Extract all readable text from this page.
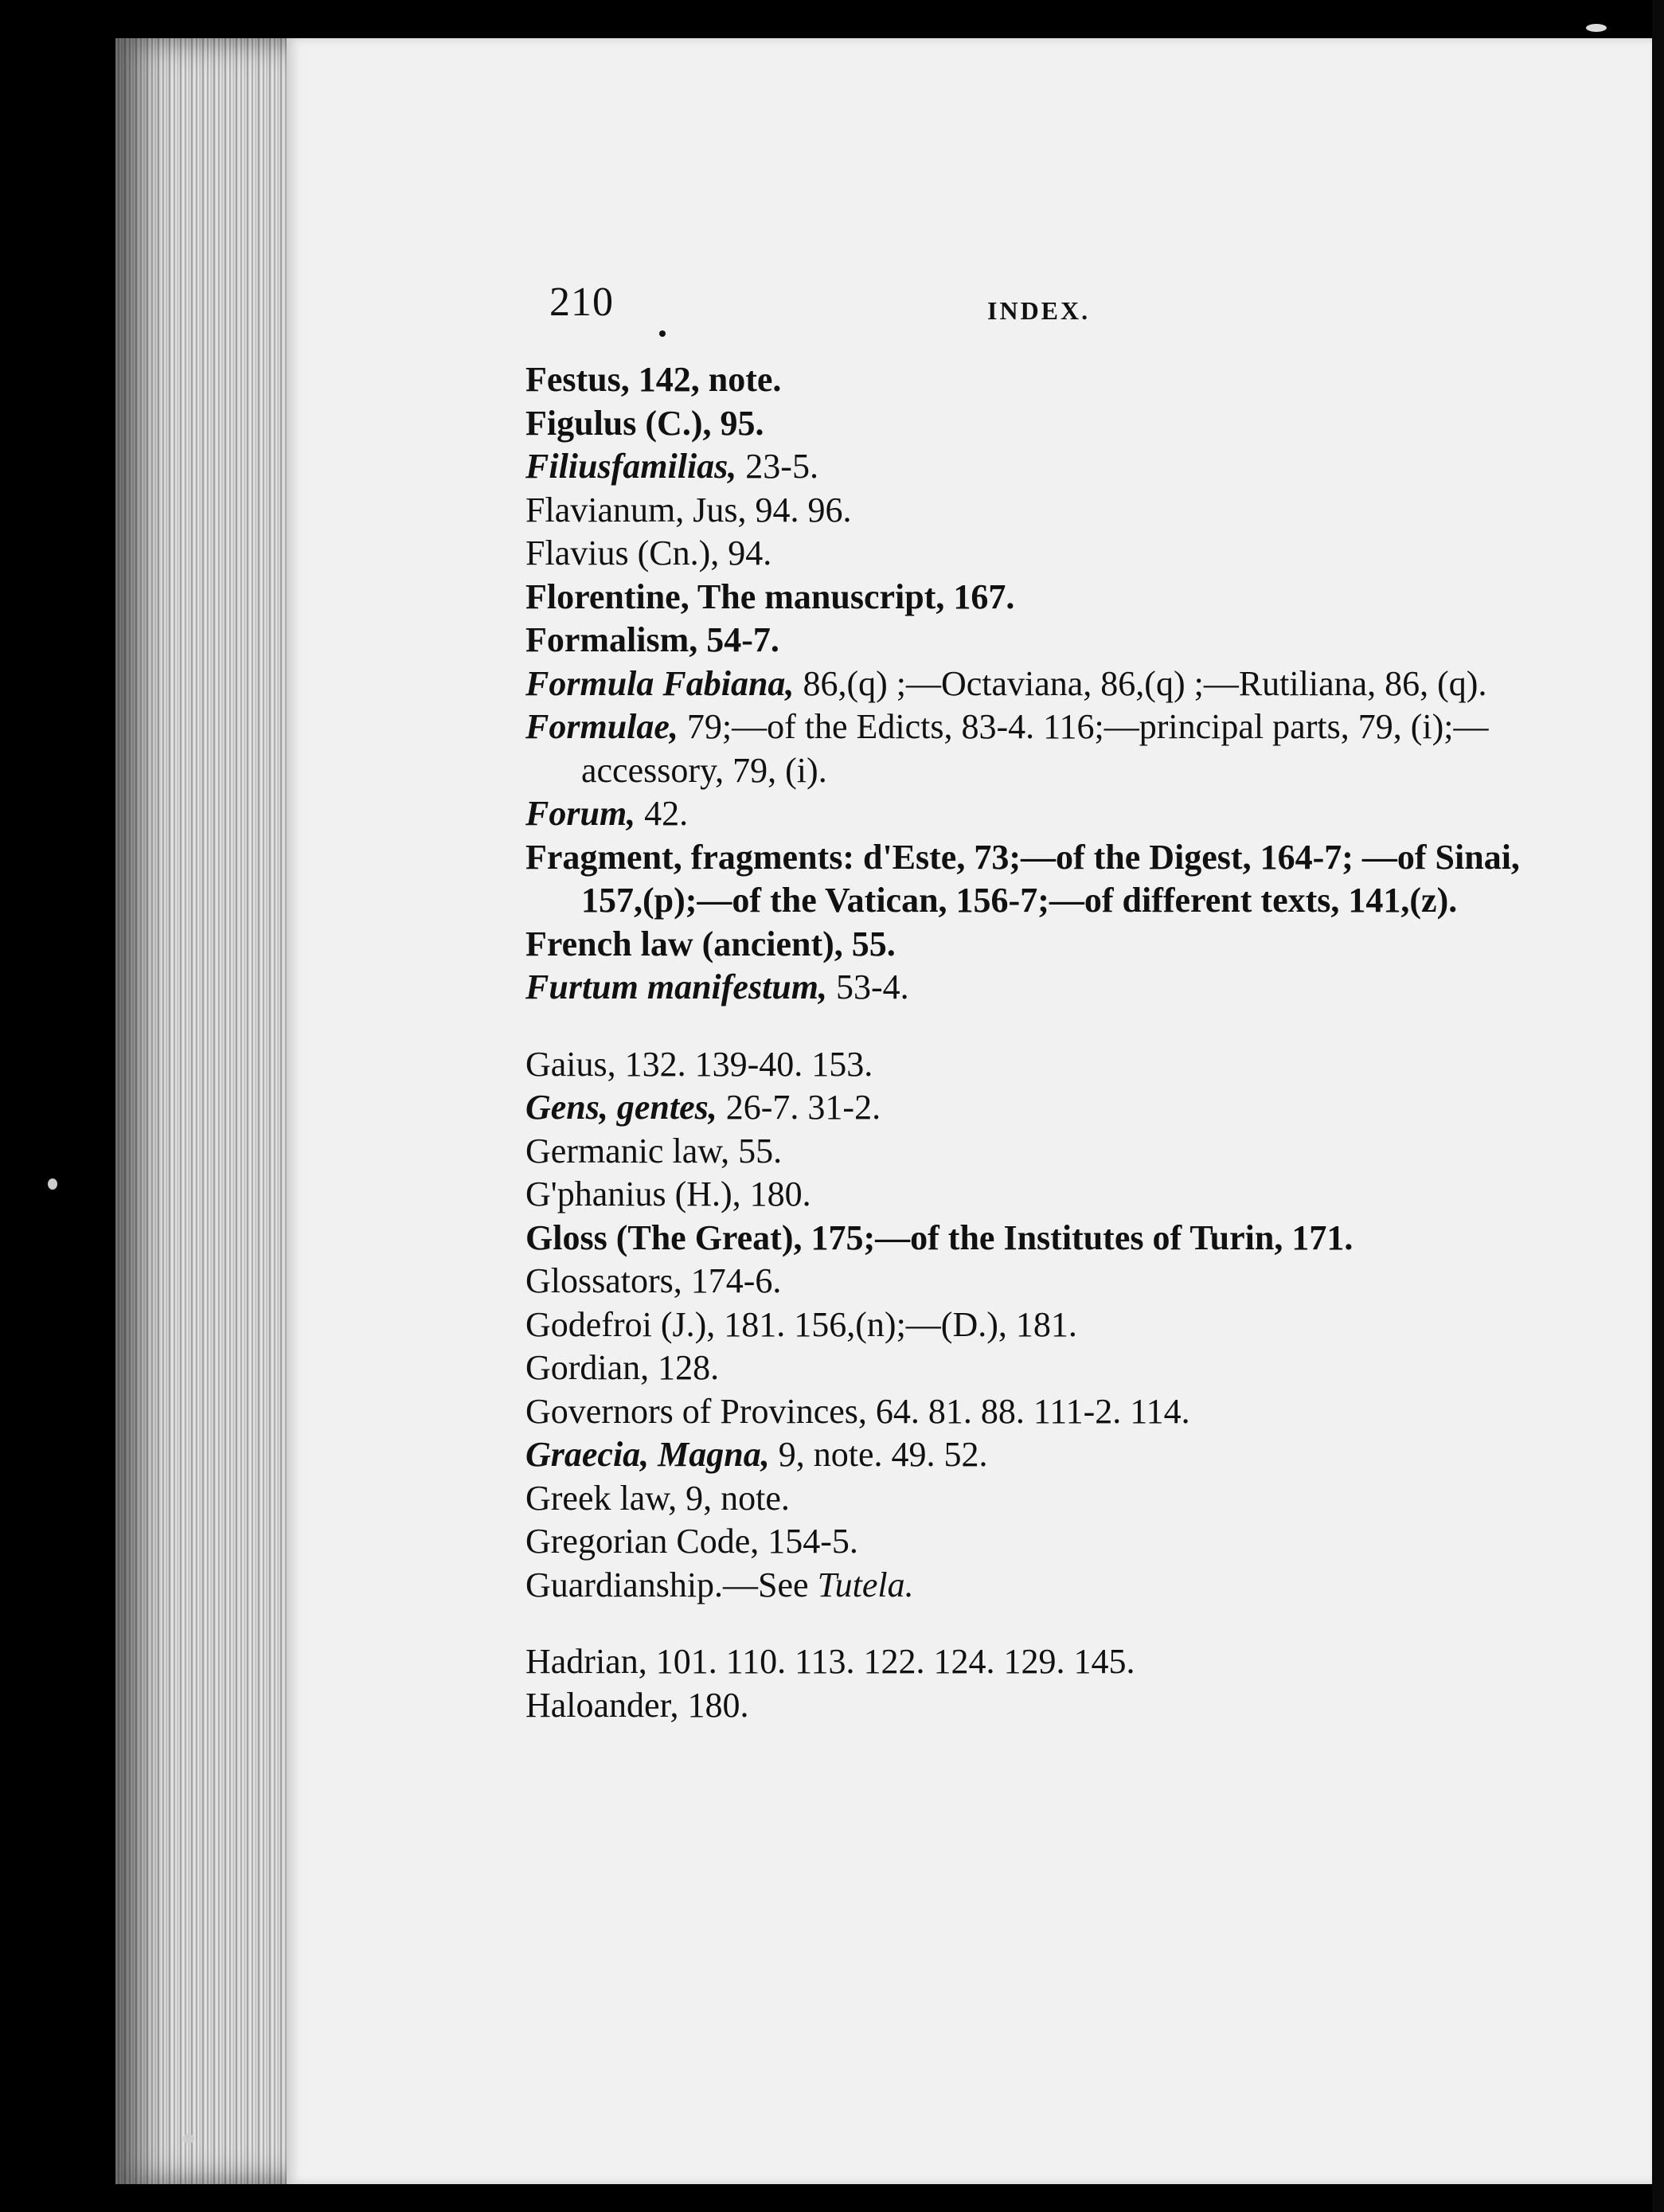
210	INDEX.
Festus, 142, note.
Figulus (C.), 95.
Filiusfamilias, 23-5.
Flavianum, Jus, 94. 96.
Flavius (Cn.), 94.
Florentine, The manuscript, 167.
Formalism, 54-7.
Formula Fabiana, 86,(q) ;—Octaviana, 86,(q) ;—Rutiliana, 86, (q).
Formulae, 79;—of the Edicts, 83-4. 116;—principal parts, 79, (i);—accessory, 79, (i).
Forum, 42.
Fragment, fragments: d'Este, 73;—of the Digest, 164-7; —of Sinai, 157,(p);—of the Vatican, 156-7;—of different texts, 141,(z).
French law (ancient), 55.
Furtum manifestum, 53-4.
Gaius, 132. 139-40. 153.
Gens, gentes, 26-7. 31-2.
Germanic law, 55.
G'phanius (H.), 180.
Gloss (The Great), 175;—of the Institutes of Turin, 171.
Glossators, 174-6.
Godefroi (J.), 181. 156,(n);—(D.), 181.
Gordian, 128.
Governors of Provinces, 64. 81. 88. 111-2. 114.
Graecia, Magna, 9, note. 49. 52.
Greek law, 9, note.
Gregorian Code, 154-5.
Guardianship.—See Tutela.
Hadrian, 101. 110. 113. 122. 124. 129. 145.
Haloander, 180.
